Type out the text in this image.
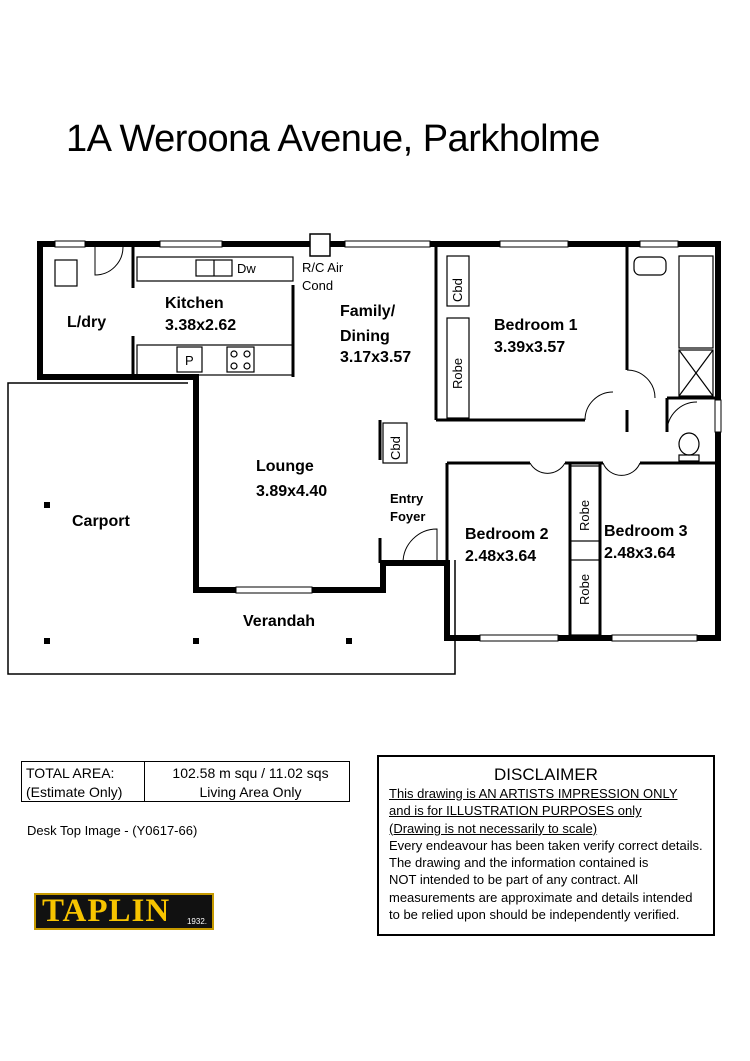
1A Weroona Avenue, Parkholme
L/dry
Dw
Kitchen
3.38x2.62
P
R/C Air
Cond
Family/
Dining
3.17x3.57
Cbd
Robe
Bedroom 1
3.39x3.57
Cbd
Lounge
3.89x4.40
Carport
Entry
Foyer
Bedroom 2
2.48x3.64
Robe
Robe
Bedroom 3
2.48x3.64
Verandah
TOTAL AREA:
(Estimate Only)
102.58 m squ / 11.02 sqs
Living Area Only
Desk Top Image - (Y0617-66)
DISCLAIMER
This drawing is AN ARTISTS IMPRESSION ONLY
and is for ILLUSTRATION PURPOSES only
(Drawing is not necessarily to scale)
Every endeavour has been taken verify correct details.
The drawing and the information contained is
NOT intended to be part of any contract. All
measurements are approximate and details intended
to be relied upon should be independently verified.
TAPLIN 1932.
